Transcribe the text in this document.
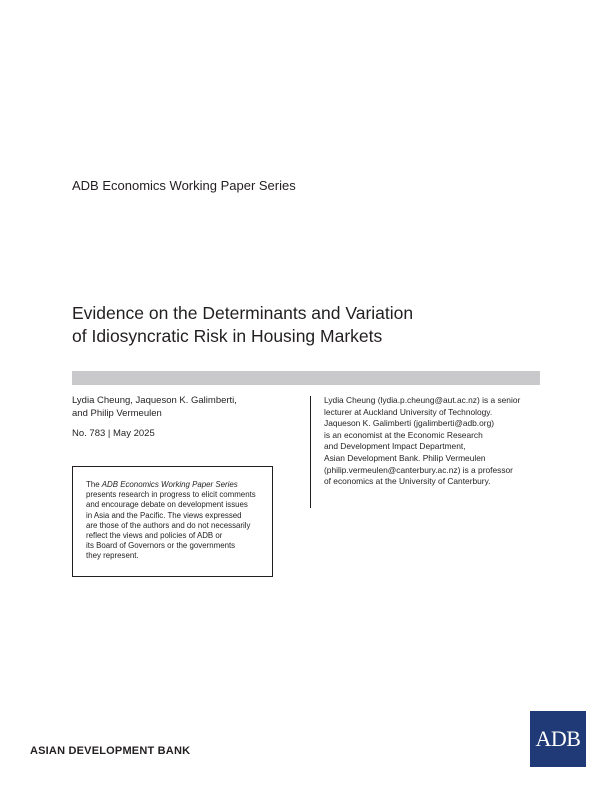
ADB Economics Working Paper Series
Evidence on the Determinants and Variation
of Idiosyncratic Risk in Housing Markets
Lydia Cheung, Jaqueson K. Galimberti,
and Philip Vermeulen
No. 783 | May 2025
Lydia Cheung (lydia.p.cheung@aut.ac.nz) is a senior
lecturer at Auckland University of Technology.
Jaqueson K. Galimberti (jgalimberti@adb.org)
is an economist at the Economic Research
and Development Impact Department,
Asian Development Bank. Philip Vermeulen
(philip.vermeulen@canterbury.ac.nz) is a professor
of economics at the University of Canterbury.
The ADB Economics Working Paper Series
presents research in progress to elicit comments
and encourage debate on development issues
in Asia and the Pacific. The views expressed
are those of the authors and do not necessarily
reflect the views and policies of ADB or
its Board of Governors or the governments
they represent.
ASIAN DEVELOPMENT BANK	ADB
